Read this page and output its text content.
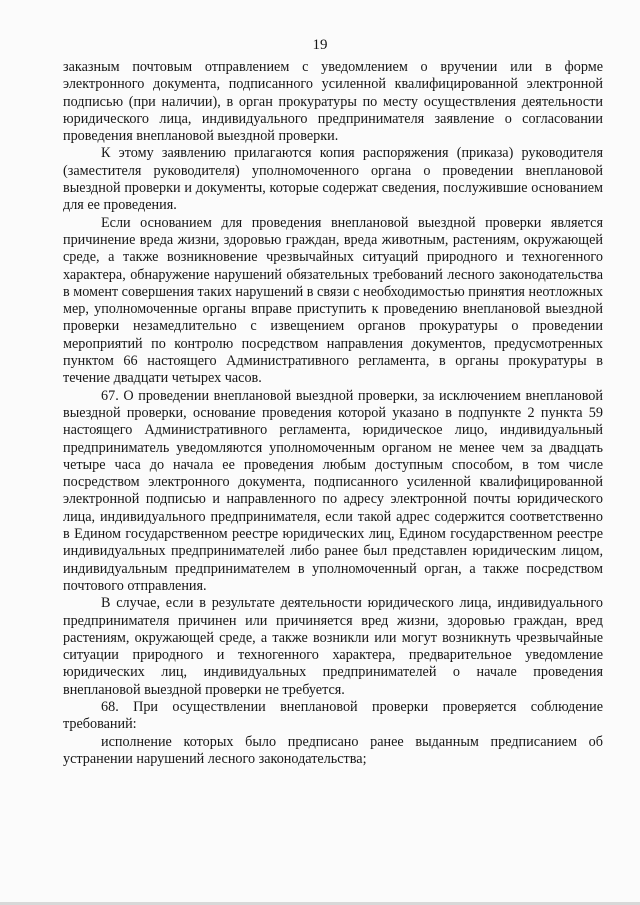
19

заказным почтовым отправлением с уведомлением о вручении или в форме электронного документа, подписанного усиленной квалифицированной электронной подписью (при наличии), в орган прокуратуры по месту осуществления деятельности юридического лица, индивидуального предпринимателя заявление о согласовании проведения внеплановой выездной проверки.

К этому заявлению прилагаются копия распоряжения (приказа) руководителя (заместителя руководителя) уполномоченного органа о проведении внеплановой выездной проверки и документы, которые содержат сведения, послужившие основанием для ее проведения.

Если основанием для проведения внеплановой выездной проверки является причинение вреда жизни, здоровью граждан, вреда животным, растениям, окружающей среде, а также возникновение чрезвычайных ситуаций природного и техногенного характера, обнаружение нарушений обязательных требований лесного законодательства в момент совершения таких нарушений в связи с необходимостью принятия неотложных мер, уполномоченные органы вправе приступить к проведению внеплановой выездной проверки незамедлительно с извещением органов прокуратуры о проведении мероприятий по контролю посредством направления документов, предусмотренных пунктом 66 настоящего Административного регламента, в органы прокуратуры в течение двадцати четырех часов.

67. О проведении внеплановой выездной проверки, за исключением внеплановой выездной проверки, основание проведения которой указано в подпункте 2 пункта 59 настоящего Административного регламента, юридическое лицо, индивидуальный предприниматель уведомляются уполномоченным органом не менее чем за двадцать четыре часа до начала ее проведения любым доступным способом, в том числе посредством электронного документа, подписанного усиленной квалифицированной электронной подписью и направленного по адресу электронной почты юридического лица, индивидуального предпринимателя, если такой адрес содержится соответственно в Едином государственном реестре юридических лиц, Едином государственном реестре индивидуальных предпринимателей либо ранее был представлен юридическим лицом, индивидуальным предпринимателем в уполномоченный орган, а также посредством почтового отправления.

В случае, если в результате деятельности юридического лица, индивидуального предпринимателя причинен или причиняется вред жизни, здоровью граждан, вред растениям, окружающей среде, а также возникли или могут возникнуть чрезвычайные ситуации природного и техногенного характера, предварительное уведомление юридических лиц, индивидуальных предпринимателей о начале проведения внеплановой выездной проверки не требуется.

68. При осуществлении внеплановой проверки проверяется соблюдение требований:

исполнение которых было предписано ранее выданным предписанием об устранении нарушений лесного законодательства;
